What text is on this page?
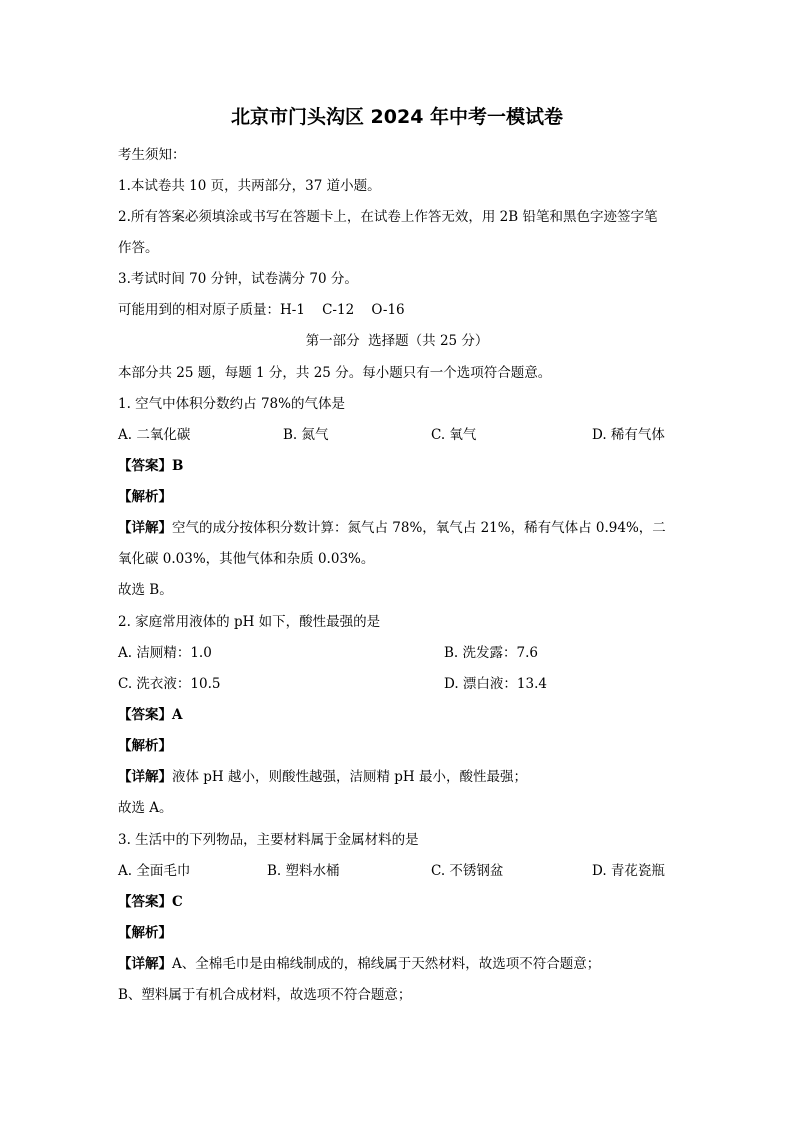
北京市门头沟区 2024 年中考一模试卷
考生须知：
1.本试卷共 10 页，共两部分，37 道小题。
2.所有答案必须填涂或书写在答题卡上，在试卷上作答无效，用 2B 铅笔和黑色字迹签字笔
作答。
3.考试时间 70 分钟，试卷满分 70 分。
可能用到的相对原子质量：H-1    C-12    O-16
第一部分  选择题（共 25 分）
本部分共 25 题，每题 1 分，共 25 分。每小题只有一个选项符合题意。
1. 空气中体积分数约占 78%的气体是
A. 二氧化碳	B. 氮气	C. 氧气	D. 稀有气体
【答案】B
【解析】
【详解】空气的成分按体积分数计算：氮气占 78%，氧气占 21%，稀有气体占 0.94%，二
氧化碳 0.03%，其他气体和杂质 0.03%。
故选 B。
2. 家庭常用液体的 pH 如下，酸性最强的是
A. 洁厕精：1.0	B. 洗发露：7.6
C. 洗衣液：10.5	D. 漂白液：13.4
【答案】A
【解析】
【详解】液体 pH 越小，则酸性越强，洁厕精 pH 最小，酸性最强；
故选 A。
3. 生活中的下列物品，主要材料属于金属材料的是
A. 全面毛巾	B. 塑料水桶	C. 不锈钢盆	D. 青花瓷瓶
【答案】C
【解析】
【详解】A、全棉毛巾是由棉线制成的，棉线属于天然材料，故选项不符合题意；
B、塑料属于有机合成材料，故选项不符合题意；
